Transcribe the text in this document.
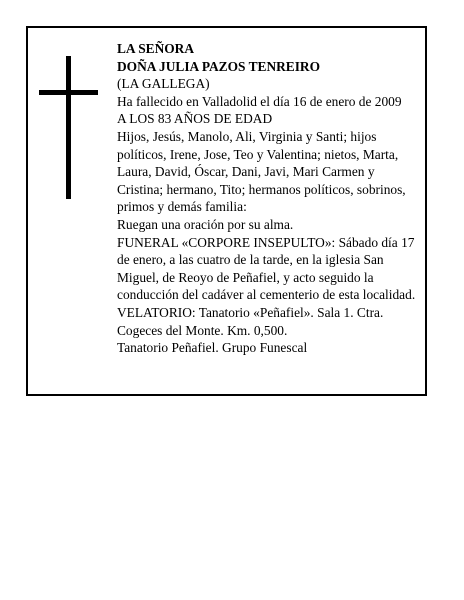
LA SEÑORA
DOÑA JULIA PAZOS TENREIRO
(LA GALLEGA)
Ha fallecido en Valladolid el día 16 de enero de 2009
A LOS 83 AÑOS DE EDAD
Hijos, Jesús, Manolo, Ali, Virginia y Santi; hijos políticos, Irene, Jose, Teo y Valentina; nietos, Marta, Laura, David, Óscar, Dani, Javi, Mari Carmen y Cristina; hermano, Tito; hermanos políticos, sobrinos, primos y demás familia:
Ruegan una oración por su alma.
FUNERAL «CORPORE INSEPULTO»: Sábado día 17 de enero, a las cuatro de la tarde, en la iglesia San Miguel, de Reoyo de Peñafiel, y acto seguido la conducción del cadáver al cementerio de esta localidad.
VELATORIO: Tanatorio «Peñafiel». Sala 1. Ctra. Cogeces del Monte. Km. 0,500.
Tanatorio Peñafiel. Grupo Funescal
